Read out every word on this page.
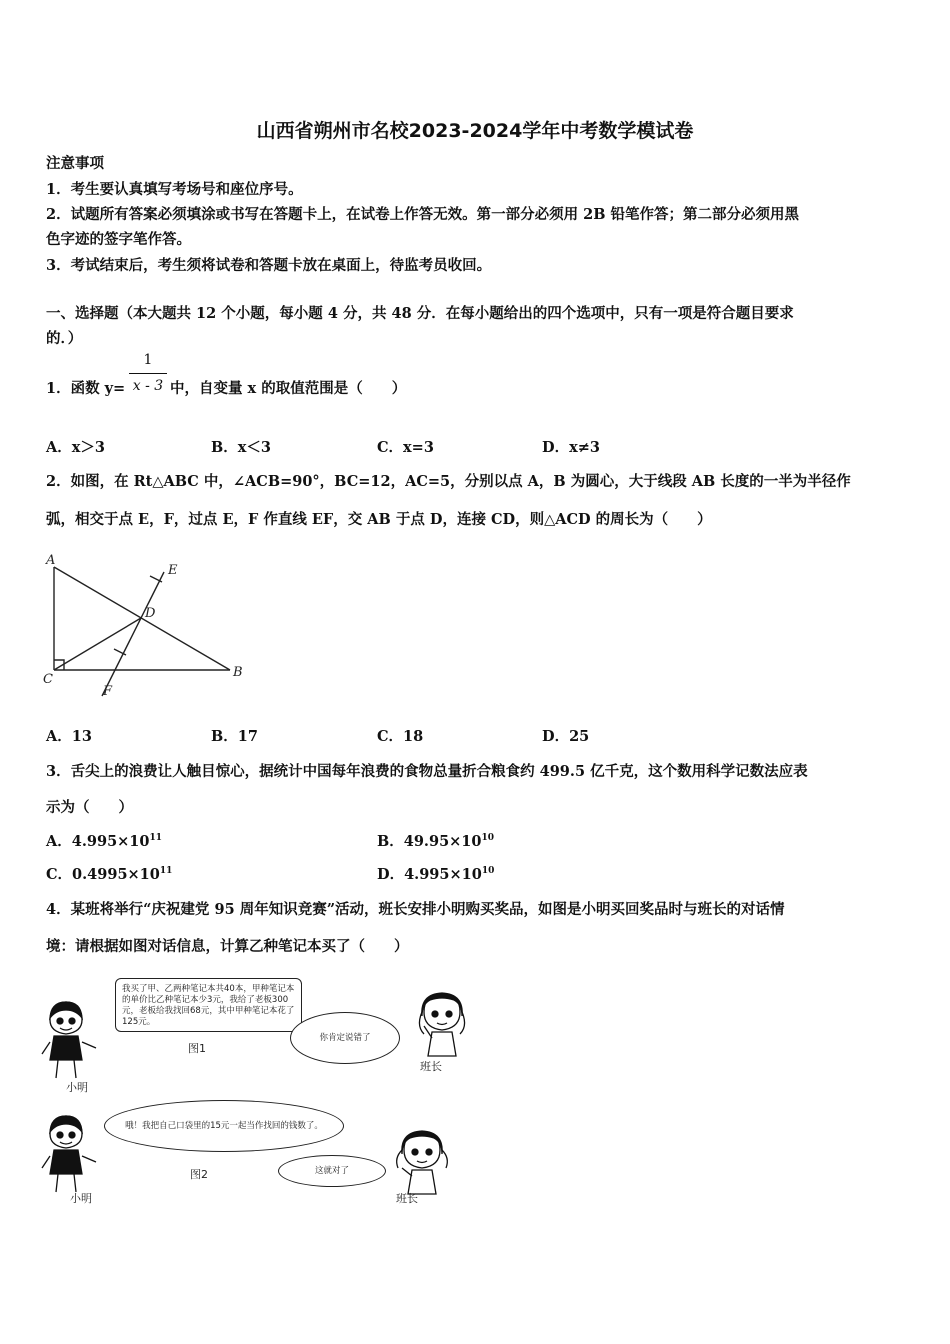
山西省朔州市名校2023-2024学年中考数学模试卷
注意事项
1．考生要认真填写考场号和座位序号。
2．试题所有答案必须填涂或书写在答题卡上，在试卷上作答无效。第一部分必须用 2B 铅笔作答；第二部分必须用黑
色字迹的签字笔作答。
3．考试结束后，考生须将试卷和答题卡放在桌面上，待监考员收回。
一、选择题（本大题共 12 个小题，每小题 4 分，共 48 分．在每小题给出的四个选项中，只有一项是符合题目要求
的．）
1．函数 y=
1
x - 3 中，自变量 x 的取值范围是（　　）
A．x＞3	B．x＜3	C．x=3	D．x≠3
2．如图，在 Rt△ABC 中，∠ACB=90°，BC=12，AC=5，分别以点 A，B 为圆心，大于线段 AB 长度的一半为半径作
弧，相交于点 E，F，过点 E，F 作直线 EF，交 AB 于点 D，连接 CD，则△ACD 的周长为（　　）
A
C	B
D
E
F
A．13	B．17	C．18	D．25
3．舌尖上的浪费让人触目惊心，据统计中国每年浪费的食物总量折合粮食约 499.5 亿千克，这个数用科学记数法应表
示为（　　）
A．$4.995\times 10^{11}$	B．$49.95\times 10^{10}$
C．$0.4995\times 10^{11}$	D．$4.995\times 10^{10}$
4．某班将举行“庆祝建党 95 周年知识竞赛”活动，班长安排小明购买奖品，如图是小明买回奖品时与班长的对话情
境：请根据如图对话信息，计算乙种笔记本买了（　　）
小明
我买了甲、乙两种笔记本共40本，甲种笔记本的单价比乙种笔记本少3元，我给了老板300元，老板给我找回68元，其中甲种笔记本花了125元。
图1
你肯定说错了
班长
小明
哦！我把自己口袋里的15元一起当作找回的钱数了。
图2	这就对了
班长
